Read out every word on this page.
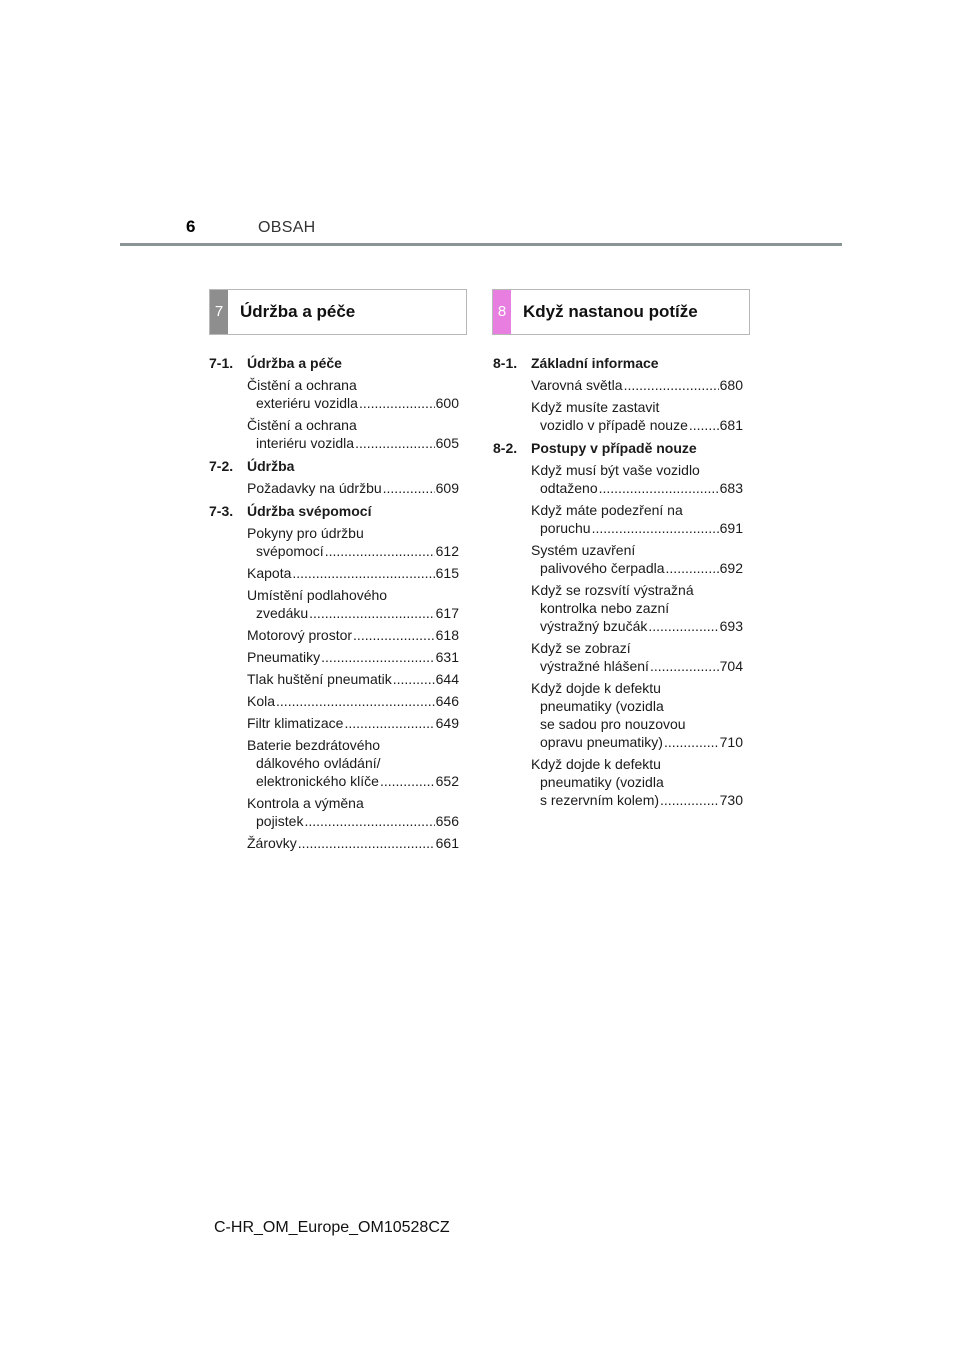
6	OBSAH
7 Údržba a péče	8 Když nastanou potíže
7-1. Údržba a péče
Čistění a ochrana
exteriéru vozidla .....	600
Čistění a ochrana
interiéru vozidla .....	605
7-2. Údržba
Požadavky na údržbu .....	609
7-3. Údržba svépomocí
Pokyny pro údržbu
svépomocí .....	612
Kapota .....	615
Umístění podlahového
zvedáku .....	617
Motorový prostor .....	618
Pneumatiky .....	631
Tlak huštění pneumatik .....	644
Kola .....	646
Filtr klimatizace .....	649
Baterie bezdrátového
dálkového ovládání/
elektronického klíče .....	652
Kontrola a výměna
pojistek .....	656
Žárovky .....	661
8-1. Základní informace
Varovná světla .....	680
Když musíte zastavit
vozidlo v případě nouze ..... 681
8-2. Postupy v případě nouze
Když musí být vaše vozidlo
odtaženo .....	683
Když máte podezření na
poruchu .....	691
Systém uzavření
palivového čerpadla .....	692
Když se rozsvítí výstražná
kontrolka nebo zazní
výstražný bzučák .....	693
Když se zobrazí
výstražné hlášení .....	704
Když dojde k defektu
pneumatiky (vozidla
se sadou pro nouzovou
opravu pneumatiky) .....	710
Když dojde k defektu
pneumatiky (vozidla
s rezervním kolem) .....	730
C-HR_OM_Europe_OM10528CZ
